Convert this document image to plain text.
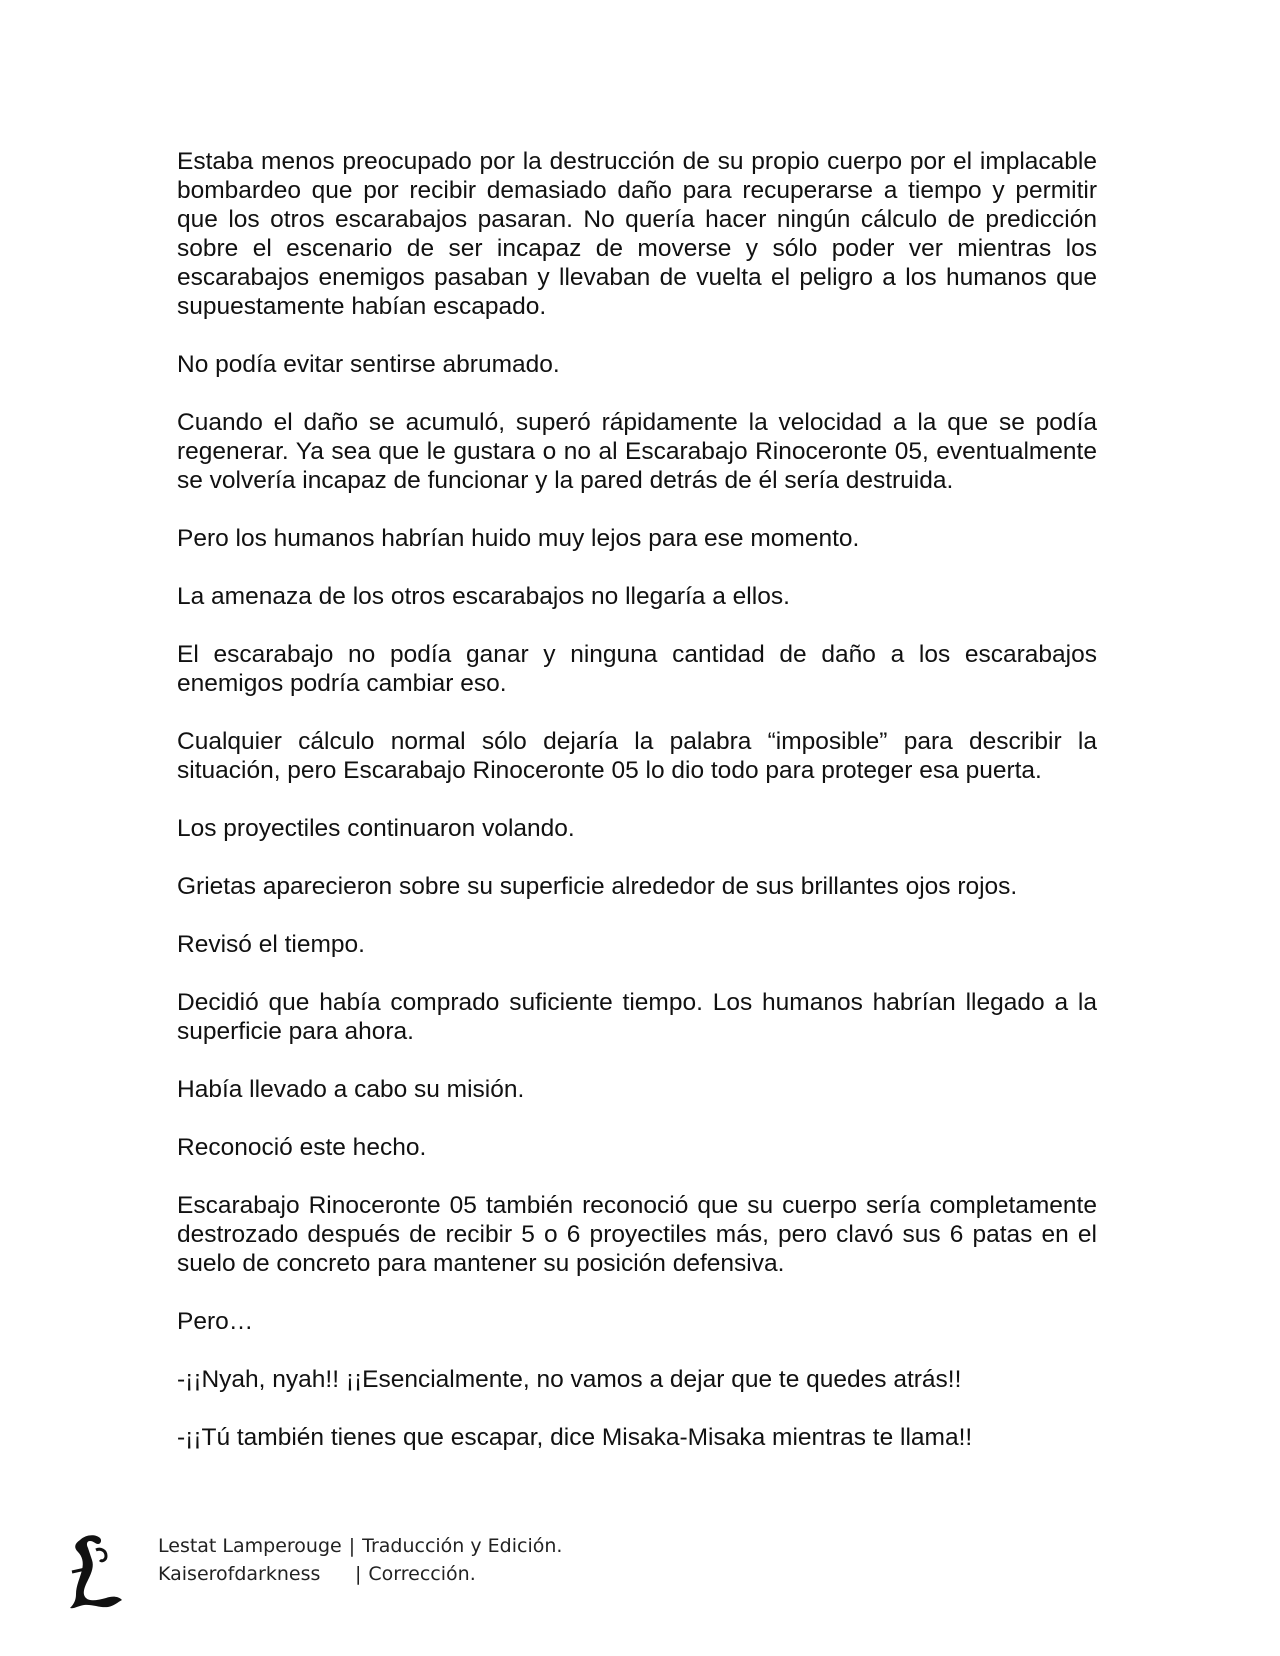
Estaba menos preocupado por la destrucción de su propio cuerpo por el implacable bombardeo que por recibir demasiado daño para recuperarse a tiempo y permitir que los otros escarabajos pasaran. No quería hacer ningún cálculo de predicción sobre el escenario de ser incapaz de moverse y sólo poder ver mientras los escarabajos enemigos pasaban y llevaban de vuelta el peligro a los humanos que supuestamente habían escapado.

No podía evitar sentirse abrumado.

Cuando el daño se acumuló, superó rápidamente la velocidad a la que se podía regenerar. Ya sea que le gustara o no al Escarabajo Rinoceronte 05, eventualmente se volvería incapaz de funcionar y la pared detrás de él sería destruida.

Pero los humanos habrían huido muy lejos para ese momento.

La amenaza de los otros escarabajos no llegaría a ellos.

El escarabajo no podía ganar y ninguna cantidad de daño a los escarabajos enemigos podría cambiar eso.

Cualquier cálculo normal sólo dejaría la palabra “imposible” para describir la situación, pero Escarabajo Rinoceronte 05 lo dio todo para proteger esa puerta.

Los proyectiles continuaron volando.

Grietas aparecieron sobre su superficie alrededor de sus brillantes ojos rojos.

Revisó el tiempo.

Decidió que había comprado suficiente tiempo. Los humanos habrían llegado a la superficie para ahora.

Había llevado a cabo su misión.

Reconoció este hecho.

Escarabajo Rinoceronte 05 también reconoció que su cuerpo sería completamente destrozado después de recibir 5 o 6 proyectiles más, pero clavó sus 6 patas en el suelo de concreto para mantener su posición defensiva.

Pero…

-¡¡Nyah, nyah!! ¡¡Esencialmente, no vamos a dejar que te quedes atrás!!

-¡¡Tú también tienes que escapar, dice Misaka-Misaka mientras te llama!!

Lestat Lamperouge | Traducción y Edición.
Kaiserofdarkness	| Corrección.
